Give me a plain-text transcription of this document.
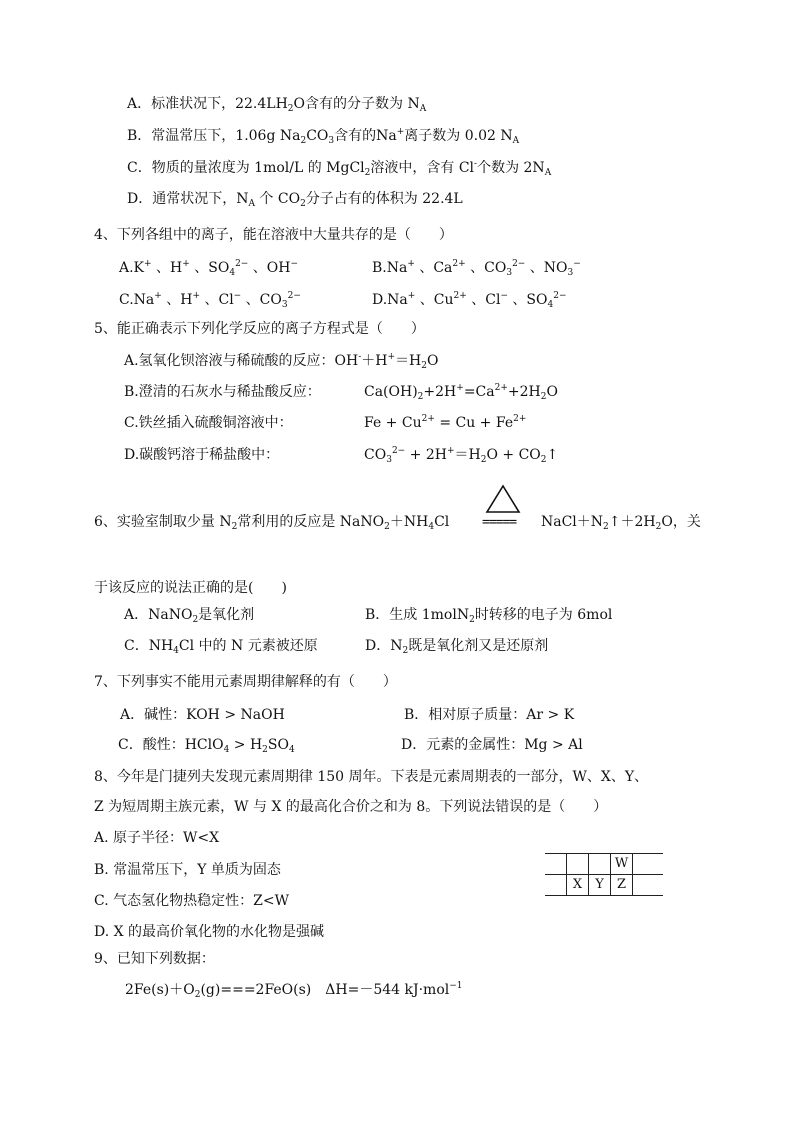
A．标准状况下，$22.4LH_2O$含有的分子数为 $N_A$
B．常温常压下，1.06g $Na_2CO_3$含有的Na+离子数为 0.02 $N_A$
C．物质的量浓度为 1mol/L 的 MgCl$_2$溶液中，含有 Cl-个数为 $2N_A$
D．通常状况下，$N_A$ 个 $CO_2$分子占有的体积为 22.4L
4、下列各组中的离子，能在溶液中大量共存的是（　　）
A.K+ 、H+ 、$SO_4^{2-}$ 、OH−	B.Na+ 、$Ca^{2+}$ 、$CO_3^{2-}$ 、$NO_3^-$
C.Na+ 、H+ 、Cl− 、$CO_3^{2-}$	D.Na+ 、$Cu^{2+}$ 、Cl− 、$SO_4^{2-}$
5、能正确表示下列化学反应的离子方程式是（　　）
A.氢氧化钡溶液与稀硫酸的反应：$OH^-+H^+=H_2O$
B.澄清的石灰水与稀盐酸反应：	$Ca(OH)_2+2H^+=Ca^{2+}+2H_2O$
C.铁丝插入硫酸铜溶液中：	$Fe + Cu^{2+} = Cu + Fe^{2+}$
D.碳酸钙溶于稀盐酸中：	$CO_3^{2-} + 2H^+=H_2O$ + $CO_2↑$
6、实验室制取少量 $N_2$常利用的反应是 $NaNO_2+NH_4Cl$	===== $NaCl+N_2↑+2H_2O$，关
于该反应的说法正确的是(　　)
A．NaNO$_2$是氧化剂	B．生成 1molN$_2$时转移的电子为 6mol
C．$NH_4Cl$ 中的 N 元素被还原	D．$N_2$既是氧化剂又是还原剂
7、下列事实不能用元素周期律解释的有（　　）
A．碱性：KOH > NaOH	B．相对原子质量：Ar > K
C．酸性：HClO$_4$ > $H_2SO_4$	D．元素的金属性：Mg > Al
8、今年是门捷列夫发现元素周期律 150 周年。下表是元素周期表的一部分，W、X、Y、
Z 为短周期主族元素，W 与 X 的最高化合价之和为 8。下列说法错误的是（　　）
A. 原子半径：W<X
B. 常温常压下，Y 单质为固态
C. 气态氢化物热稳定性：Z<W
D. X 的最高价氧化物的水化物是强碱
			W	
	X	Y	Z	
9、已知下列数据：
$2Fe(s)+O_2(g)===2FeO(s)$　ΔH=－544 kJ·mol$^{-1}$
